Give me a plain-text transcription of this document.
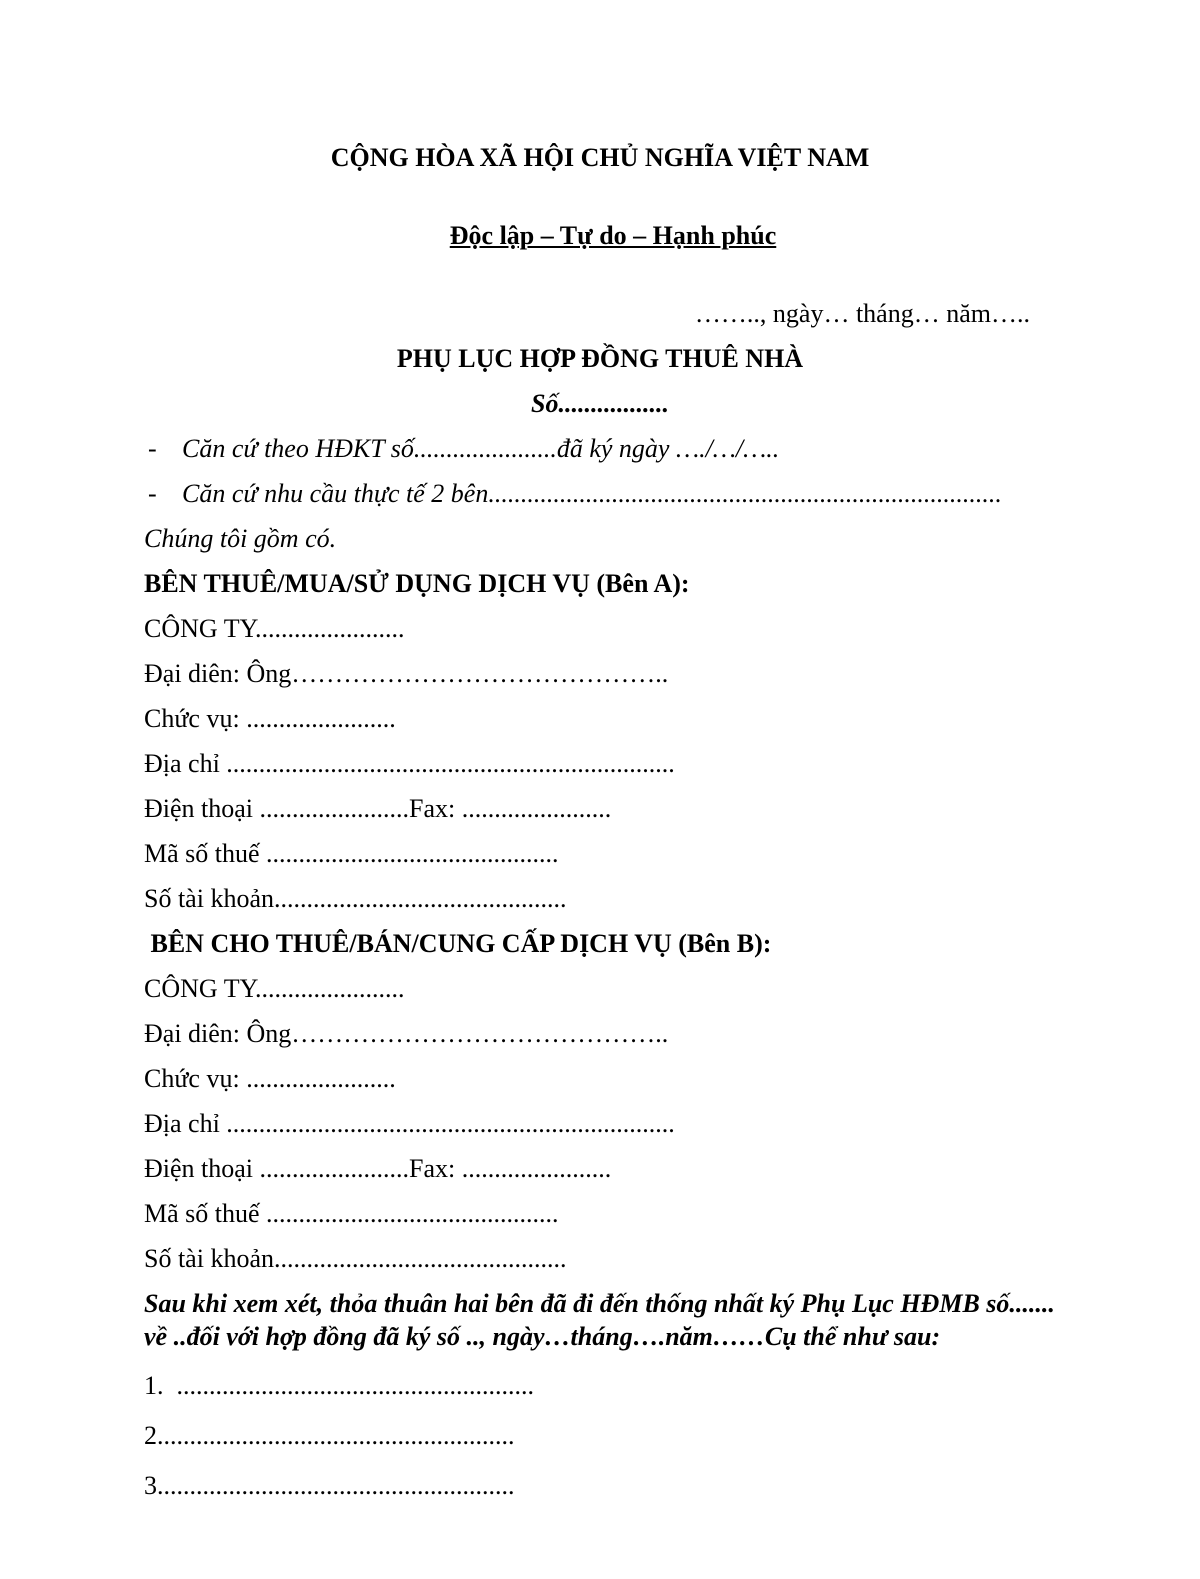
CỘNG HÒA XÃ HỘI CHỦ NGHĨA VIỆT NAM

Độc lập – Tự do – Hạnh phúc

…….., ngày… tháng… năm…..
PHỤ LỤC HỢP ĐỒNG THUÊ NHÀ
Số.................
- Căn cứ theo HĐKT số......................đã ký ngày …./…/…..
- Căn cứ nhu cầu thực tế 2 bên...............................................................................
Chúng tôi gồm có.
BÊN THUÊ/MUA/SỬ DỤNG DỊCH VỤ (Bên A):
CÔNG TY.......................
Đại diên: Ông……………………………………..
Chức vụ: .......................
Địa chỉ .....................................................................
Điện thoại .......................Fax: .......................
Mã số thuế .............................................
Số tài khoản.............................................
BÊN CHO THUÊ/BÁN/CUNG CẤP DỊCH VỤ (Bên B):
CÔNG TY.......................
Đại diên: Ông……………………………………..
Chức vụ: .......................
Địa chỉ .....................................................................
Điện thoại .......................Fax: .......................
Mã số thuế .............................................
Số tài khoản.............................................
Sau khi xem xét, thỏa thuân hai bên đã đi đến thống nhất ký Phụ Lục HĐMB số....... về ..đối với hợp đồng đã ký số .., ngày…tháng….năm……Cụ thể như sau:
1.  .......................................................
2.......................................................
3.......................................................
